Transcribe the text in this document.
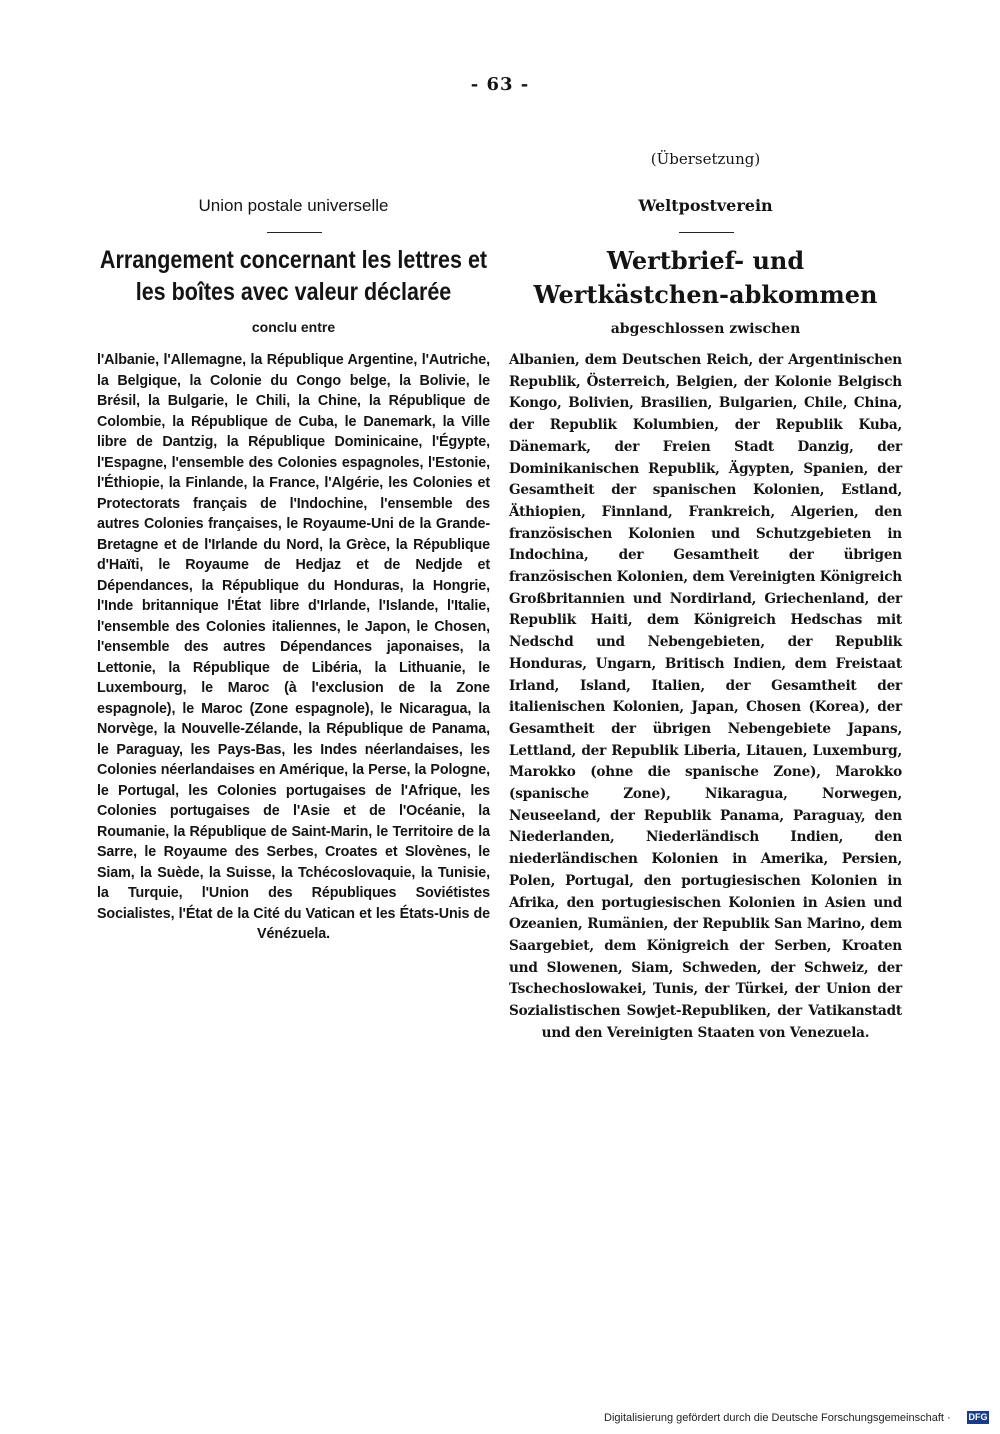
- 63 -
Union postale universelle
Arrangement concernant les lettres et les boîtes avec valeur déclarée
conclu entre

l'Albanie, l'Allemagne, la République Argentine, l'Autriche, la Belgique, la Colonie du Congo belge, la Bolivie, le Brésil, la Bulgarie, le Chili, la Chine, la République de Colombie, la République de Cuba, le Danemark, la Ville libre de Dantzig, la République Dominicaine, l'Égypte, l'Espagne, l'ensemble des Colonies espagnoles, l'Estonie, l'Éthiopie, la Finlande, la France, l'Algérie, les Colonies et Protectorats français de l'Indochine, l'ensemble des autres Colonies françaises, le Royaume-Uni de la Grande-Bretagne et de l'Irlande du Nord, la Grèce, la République d'Haïti, le Royaume de Hedjaz et de Nedjde et Dépendances, la République du Honduras, la Hongrie, l'Inde britannique l'État libre d'Irlande, l'Islande, l'Italie, l'ensemble des Colonies italiennes, le Japon, le Chosen, l'ensemble des autres Dépendances japonaises, la Lettonie, la République de Libéria, la Lithuanie, le Luxembourg, le Maroc (à l'exclusion de la Zone espagnole), le Maroc (Zone espagnole), le Nicaragua, la Norvège, la Nouvelle-Zélande, la République de Panama, le Paraguay, les Pays-Bas, les Indes néerlandaises, les Colonies néerlandaises en Amérique, la Perse, la Pologne, le Portugal, les Colonies portugaises de l'Afrique, les Colonies portugaises de l'Asie et de l'Océanie, la Roumanie, la République de Saint-Marin, le Territoire de la Sarre, le Royaume des Serbes, Croates et Slovènes, le Siam, la Suède, la Suisse, la Tchécoslovaquie, la Tunisie, la Turquie, l'Union des Républiques Soviétistes Socialistes, l'État de la Cité du Vatican et les États-Unis de Vénézuela.

(Übersetzung)
Weltpostverein
Wertbrief- und Wertkästchen-abkommen
abgeschlossen zwischen

Albanien, dem Deutschen Reich, der Argentinischen Republik, Österreich, Belgien, der Kolonie Belgisch Kongo, Bolivien, Brasilien, Bulgarien, Chile, China, der Republik Kolumbien, der Republik Kuba, Dänemark, der Freien Stadt Danzig, der Dominikanischen Republik, Ägypten, Spanien, der Gesamtheit der spanischen Kolonien, Estland, Äthiopien, Finnland, Frankreich, Algerien, den französischen Kolonien und Schutzgebieten in Indochina, der Gesamtheit der übrigen französischen Kolonien, dem Vereinigten Königreich Großbritannien und Nordirland, Griechenland, der Republik Haiti, dem Königreich Hedschas mit Nedschd und Nebengebieten, der Republik Honduras, Ungarn, Britisch Indien, dem Freistaat Irland, Island, Italien, der Gesamtheit der italienischen Kolonien, Japan, Chosen (Korea), der Gesamtheit der übrigen Nebengebiete Japans, Lettland, der Republik Liberia, Litauen, Luxemburg, Marokko (ohne die spanische Zone), Marokko (spanische Zone), Nikaragua, Norwegen, Neuseeland, der Republik Panama, Paraguay, den Niederlanden, Niederländisch Indien, den niederländischen Kolonien in Amerika, Persien, Polen, Portugal, den portugiesischen Kolonien in Afrika, den portugiesischen Kolonien in Asien und Ozeanien, Rumänien, der Republik San Marino, dem Saargebiet, dem Königreich der Serben, Kroaten und Slowenen, Siam, Schweden, der Schweiz, der Tschechoslowakei, Tunis, der Türkei, der Union der Sozialistischen Sowjet-Republiken, der Vatikanstadt und den Vereinigten Staaten von Venezuela.

Digitalisierung gefördert durch die Deutsche Forschungsgemeinschaft · DFG
